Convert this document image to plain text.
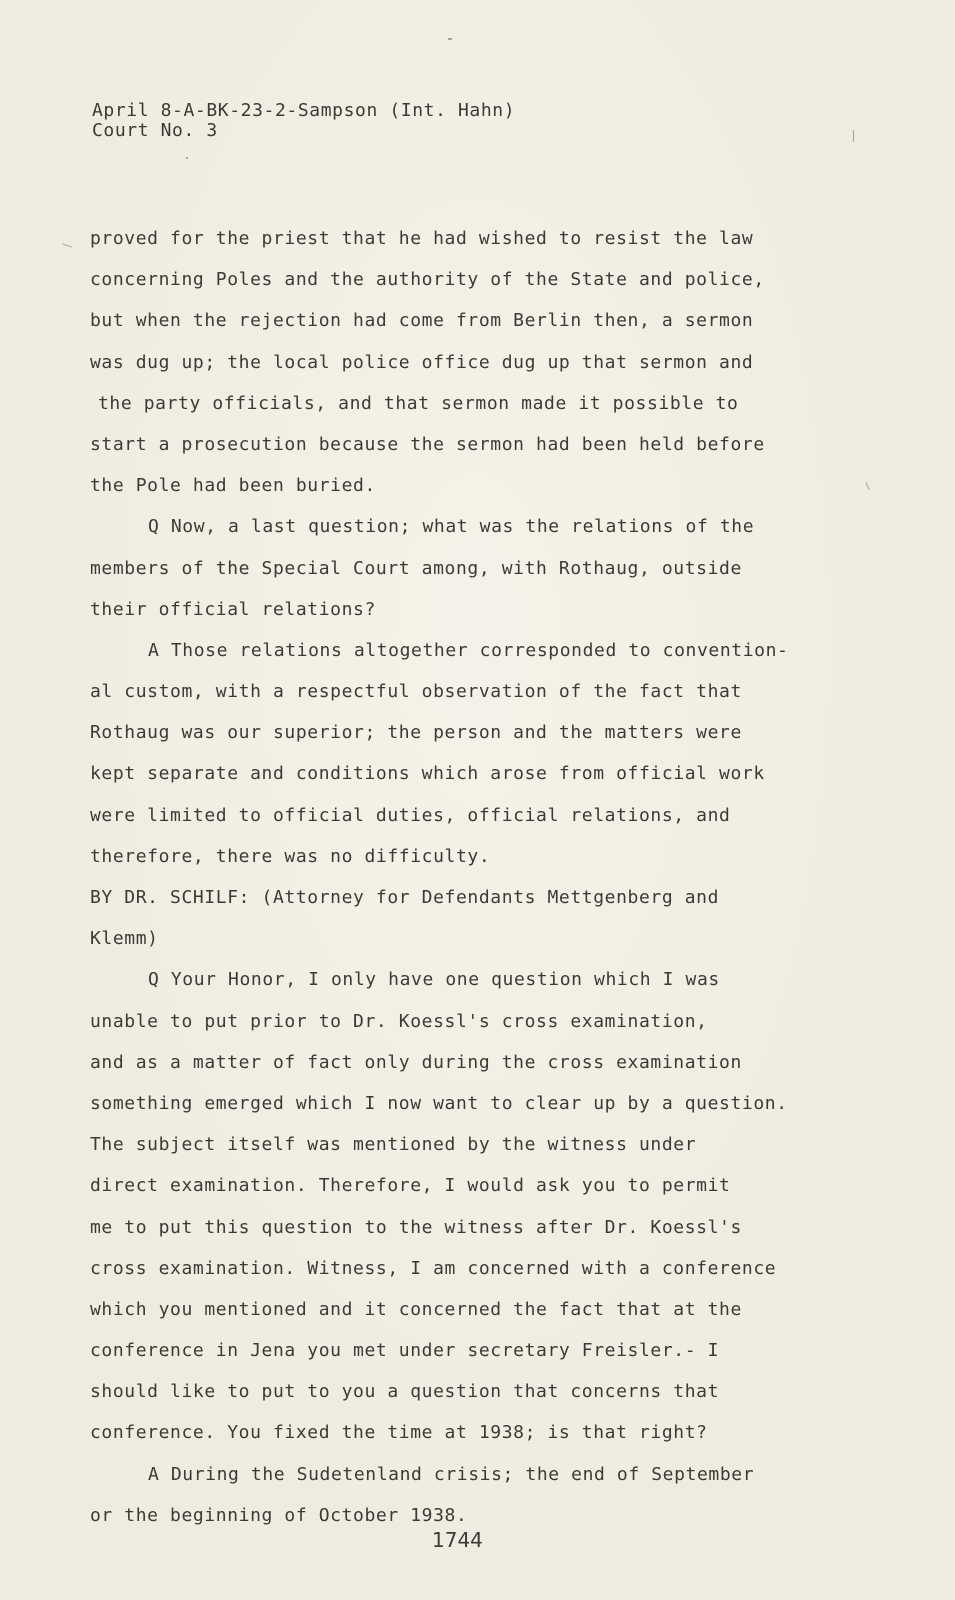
April 8-A-BK-23-2-Sampson (Int. Hahn)

Court No. 3

proved for the priest that he had wished to resist the law
concerning Poles and the authority of the State and police,
but when the rejection had come from Berlin then, a sermon
was dug up; the local police office dug up that sermon and
the party officials, and that sermon made it possible to
start a prosecution because the sermon had been held before
the Pole had been buried.
Q Now, a last question; what was the relations of the
members of the Special Court among, with Rothaug, outside
their official relations?
A Those relations altogether corresponded to convention-
al custom, with a respectful observation of the fact that
Rothaug was our superior; the person and the matters were
kept separate and conditions which arose from official work
were limited to official duties, official relations, and
therefore, there was no difficulty.
BY DR. SCHILF: (Attorney for Defendants Mettgenberg and
Klemm)
Q Your Honor, I only have one question which I was
unable to put prior to Dr. Koessl's cross examination,
and as a matter of fact only during the cross examination
something emerged which I now want to clear up by a question.
The subject itself was mentioned by the witness under
direct examination. Therefore, I would ask you to permit
me to put this question to the witness after Dr. Koessl's
cross examination. Witness, I am concerned with a conference
which you mentioned and it concerned the fact that at the
conference in Jena you met under secretary Freisler.- I
should like to put to you a question that concerns that
conference. You fixed the time at 1938; is that right?
A During the Sudetenland crisis; the end of September
or the beginning of October 1938.

1744
